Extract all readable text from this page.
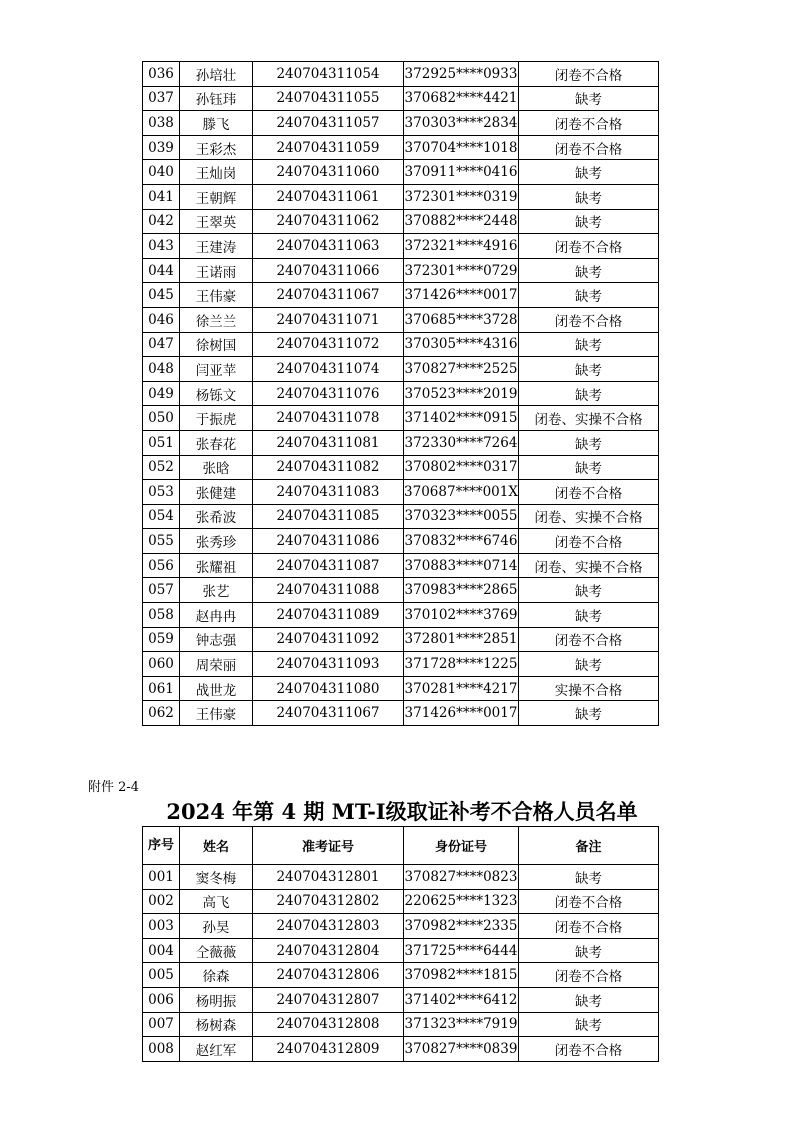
036	孙培壮	240704311054	372925****0933	闭卷不合格
037	孙钰玮	240704311055	370682****4421	缺考
038	滕飞	240704311057	370303****2834	闭卷不合格
039	王彩杰	240704311059	370704****1018	闭卷不合格
040	王灿岗	240704311060	370911****0416	缺考
041	王朝辉	240704311061	372301****0319	缺考
042	王翠英	240704311062	370882****2448	缺考
043	王建涛	240704311063	372321****4916	闭卷不合格
044	王诺雨	240704311066	372301****0729	缺考
045	王伟豪	240704311067	371426****0017	缺考
046	徐兰兰	240704311071	370685****3728	闭卷不合格
047	徐树国	240704311072	370305****4316	缺考
048	闫亚苹	240704311074	370827****2525	缺考
049	杨铄文	240704311076	370523****2019	缺考
050	于振虎	240704311078	371402****0915	闭卷、实操不合格
051	张春花	240704311081	372330****7264	缺考
052	张晗	240704311082	370802****0317	缺考
053	张健建	240704311083	370687****001X	闭卷不合格
054	张希波	240704311085	370323****0055	闭卷、实操不合格
055	张秀珍	240704311086	370832****6746	闭卷不合格
056	张耀祖	240704311087	370883****0714	闭卷、实操不合格
057	张艺	240704311088	370983****2865	缺考
058	赵冉冉	240704311089	370102****3769	缺考
059	钟志强	240704311092	372801****2851	闭卷不合格
060	周荣丽	240704311093	371728****1225	缺考
061	战世龙	240704311080	370281****4217	实操不合格
062	王伟豪	240704311067	371426****0017	缺考
附件 2-4
2024 年第 4 期 MT-Ⅰ级取证补考不合格人员名单
序号	姓名	准考证号	身份证号	备注
001	窦冬梅	240704312801	370827****0823	缺考
002	高飞	240704312802	220625****1323	闭卷不合格
003	孙昊	240704312803	370982****2335	闭卷不合格
004	仝薇薇	240704312804	371725****6444	缺考
005	徐森	240704312806	370982****1815	闭卷不合格
006	杨明振	240704312807	371402****6412	缺考
007	杨树森	240704312808	371323****7919	缺考
008	赵红军	240704312809	370827****0839	闭卷不合格
